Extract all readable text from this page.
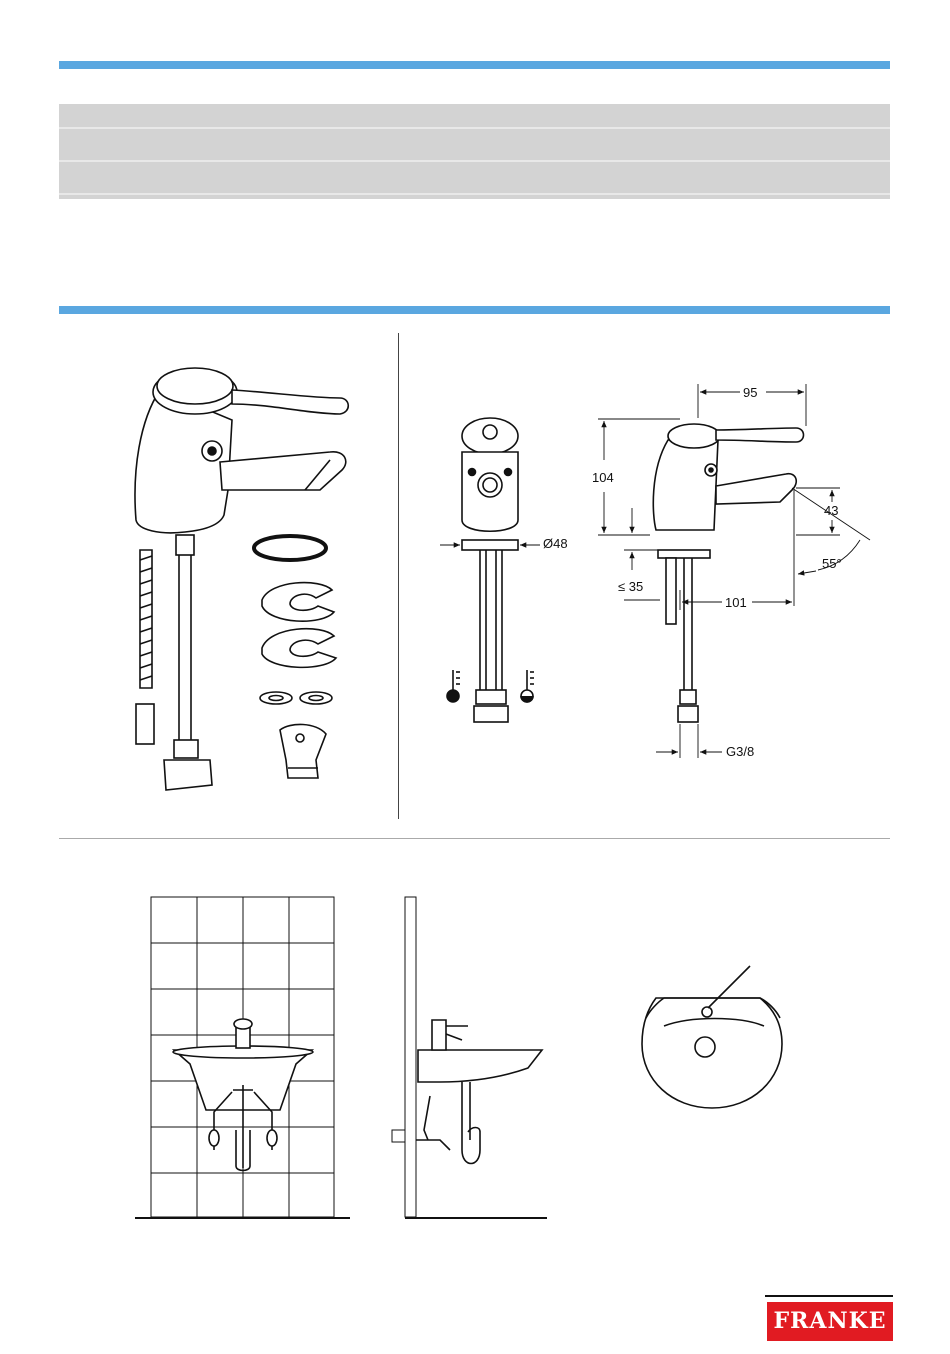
95
104
43
55°
Ø48
≤ 35
101
G3/8
FRANKE
